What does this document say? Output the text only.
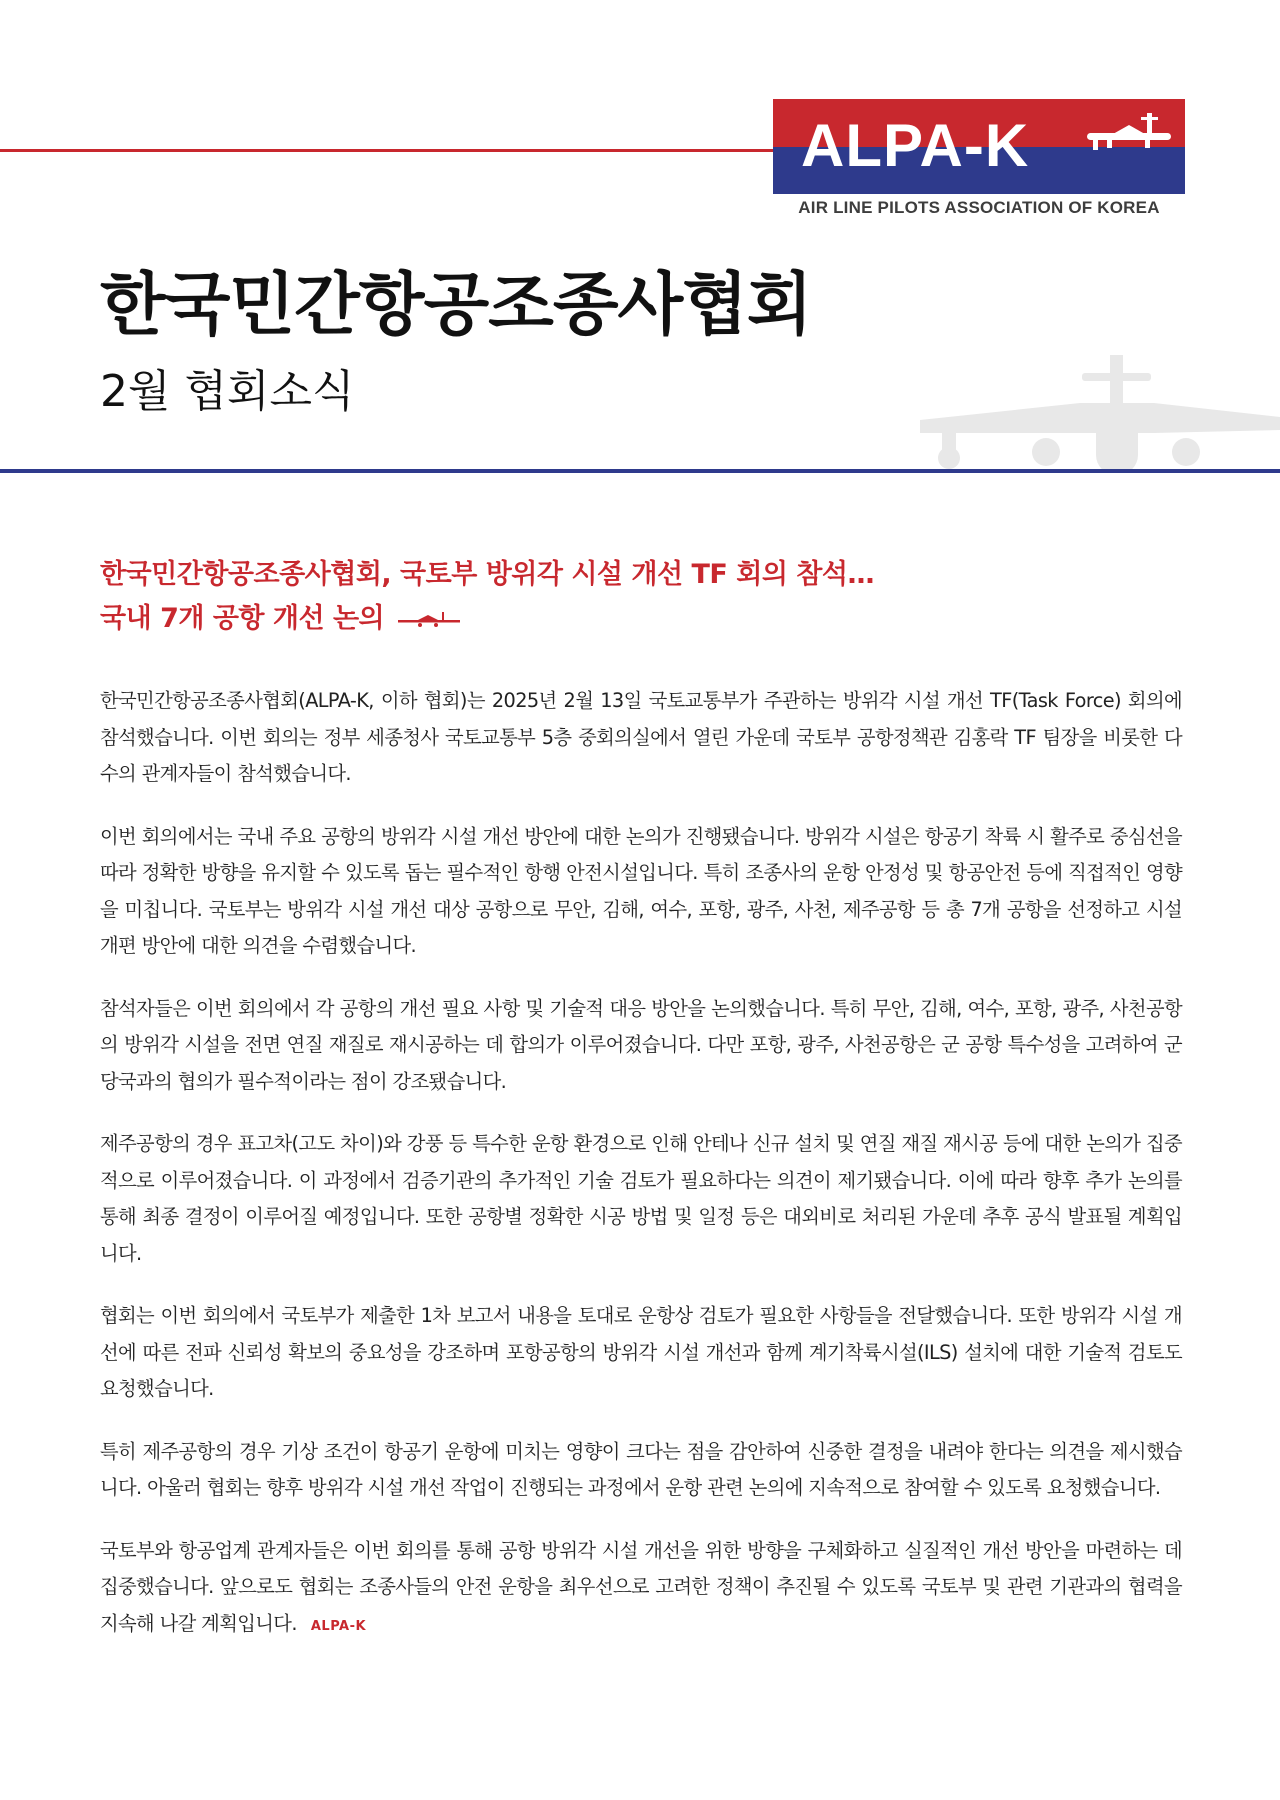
ALPA-K
AIR LINE PILOTS ASSOCIATION OF KOREA
한국민간항공조종사협회
2월 협회소식
한국민간항공조종사협회, 국토부 방위각 시설 개선 TF 회의 참석…
국내 7개 공항 개선 논의

한국민간항공조종사협회(ALPA-K, 이하 협회)는 2025년 2월 13일 국토교통부가 주관하는 방위각 시설 개선 TF(Task Force) 회의에 참석했습니다. 이번 회의는 정부 세종청사 국토교통부 5층 중회의실에서 열린 가운데 국토부 공항정책관 김홍락 TF 팀장을 비롯한 다수의 관계자들이 참석했습니다.

이번 회의에서는 국내 주요 공항의 방위각 시설 개선 방안에 대한 논의가 진행됐습니다. 방위각 시설은 항공기 착륙 시 활주로 중심선을 따라 정확한 방향을 유지할 수 있도록 돕는 필수적인 항행 안전시설입니다. 특히 조종사의 운항 안정성 및 항공안전 등에 직접적인 영향을 미칩니다. 국토부는 방위각 시설 개선 대상 공항으로 무안, 김해, 여수, 포항, 광주, 사천, 제주공항 등 총 7개 공항을 선정하고 시설 개편 방안에 대한 의견을 수렴했습니다.

참석자들은 이번 회의에서 각 공항의 개선 필요 사항 및 기술적 대응 방안을 논의했습니다. 특히 무안, 김해, 여수, 포항, 광주, 사천공항의 방위각 시설을 전면 연질 재질로 재시공하는 데 합의가 이루어졌습니다. 다만 포항, 광주, 사천공항은 군 공항 특수성을 고려하여 군 당국과의 협의가 필수적이라는 점이 강조됐습니다.

제주공항의 경우 표고차(고도 차이)와 강풍 등 특수한 운항 환경으로 인해 안테나 신규 설치 및 연질 재질 재시공 등에 대한 논의가 집중적으로 이루어졌습니다. 이 과정에서 검증기관의 추가적인 기술 검토가 필요하다는 의견이 제기됐습니다. 이에 따라 향후 추가 논의를 통해 최종 결정이 이루어질 예정입니다. 또한 공항별 정확한 시공 방법 및 일정 등은 대외비로 처리된 가운데 추후 공식 발표될 계획입니다.

협회는 이번 회의에서 국토부가 제출한 1차 보고서 내용을 토대로 운항상 검토가 필요한 사항들을 전달했습니다. 또한 방위각 시설 개선에 따른 전파 신뢰성 확보의 중요성을 강조하며 포항공항의 방위각 시설 개선과 함께 계기착륙시설(ILS) 설치에 대한 기술적 검토도 요청했습니다.

특히 제주공항의 경우 기상 조건이 항공기 운항에 미치는 영향이 크다는 점을 감안하여 신중한 결정을 내려야 한다는 의견을 제시했습니다. 아울러 협회는 향후 방위각 시설 개선 작업이 진행되는 과정에서 운항 관련 논의에 지속적으로 참여할 수 있도록 요청했습니다.

국토부와 항공업계 관계자들은 이번 회의를 통해 공항 방위각 시설 개선을 위한 방향을 구체화하고 실질적인 개선 방안을 마련하는 데 집중했습니다. 앞으로도 협회는 조종사들의 안전 운항을 최우선으로 고려한 정책이 추진될 수 있도록 국토부 및 관련 기관과의 협력을 지속해 나갈 계획입니다. ALPA-K
